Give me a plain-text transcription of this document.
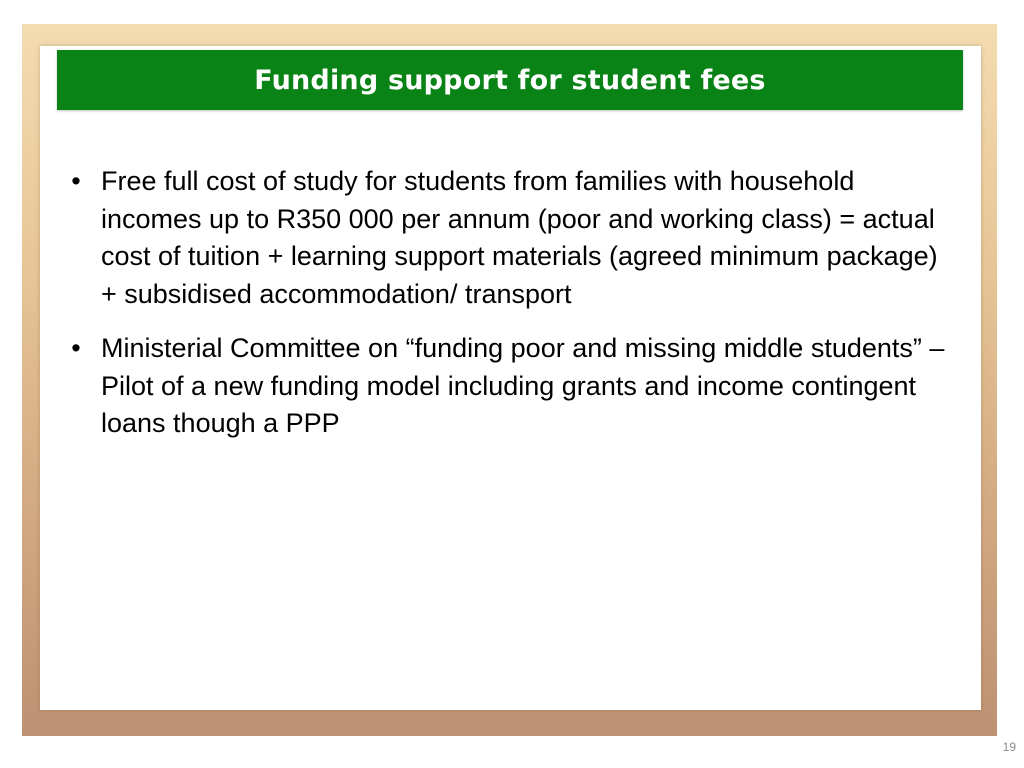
Funding support for student fees
• Free full cost of study for students from families with household incomes up to R350 000 per annum (poor and working class) = actual cost of tuition + learning support materials (agreed minimum package) + subsidised accommodation/ transport
• Ministerial Committee on “funding poor and missing middle students” – Pilot of a new funding model including grants and income contingent loans though a PPP
19
